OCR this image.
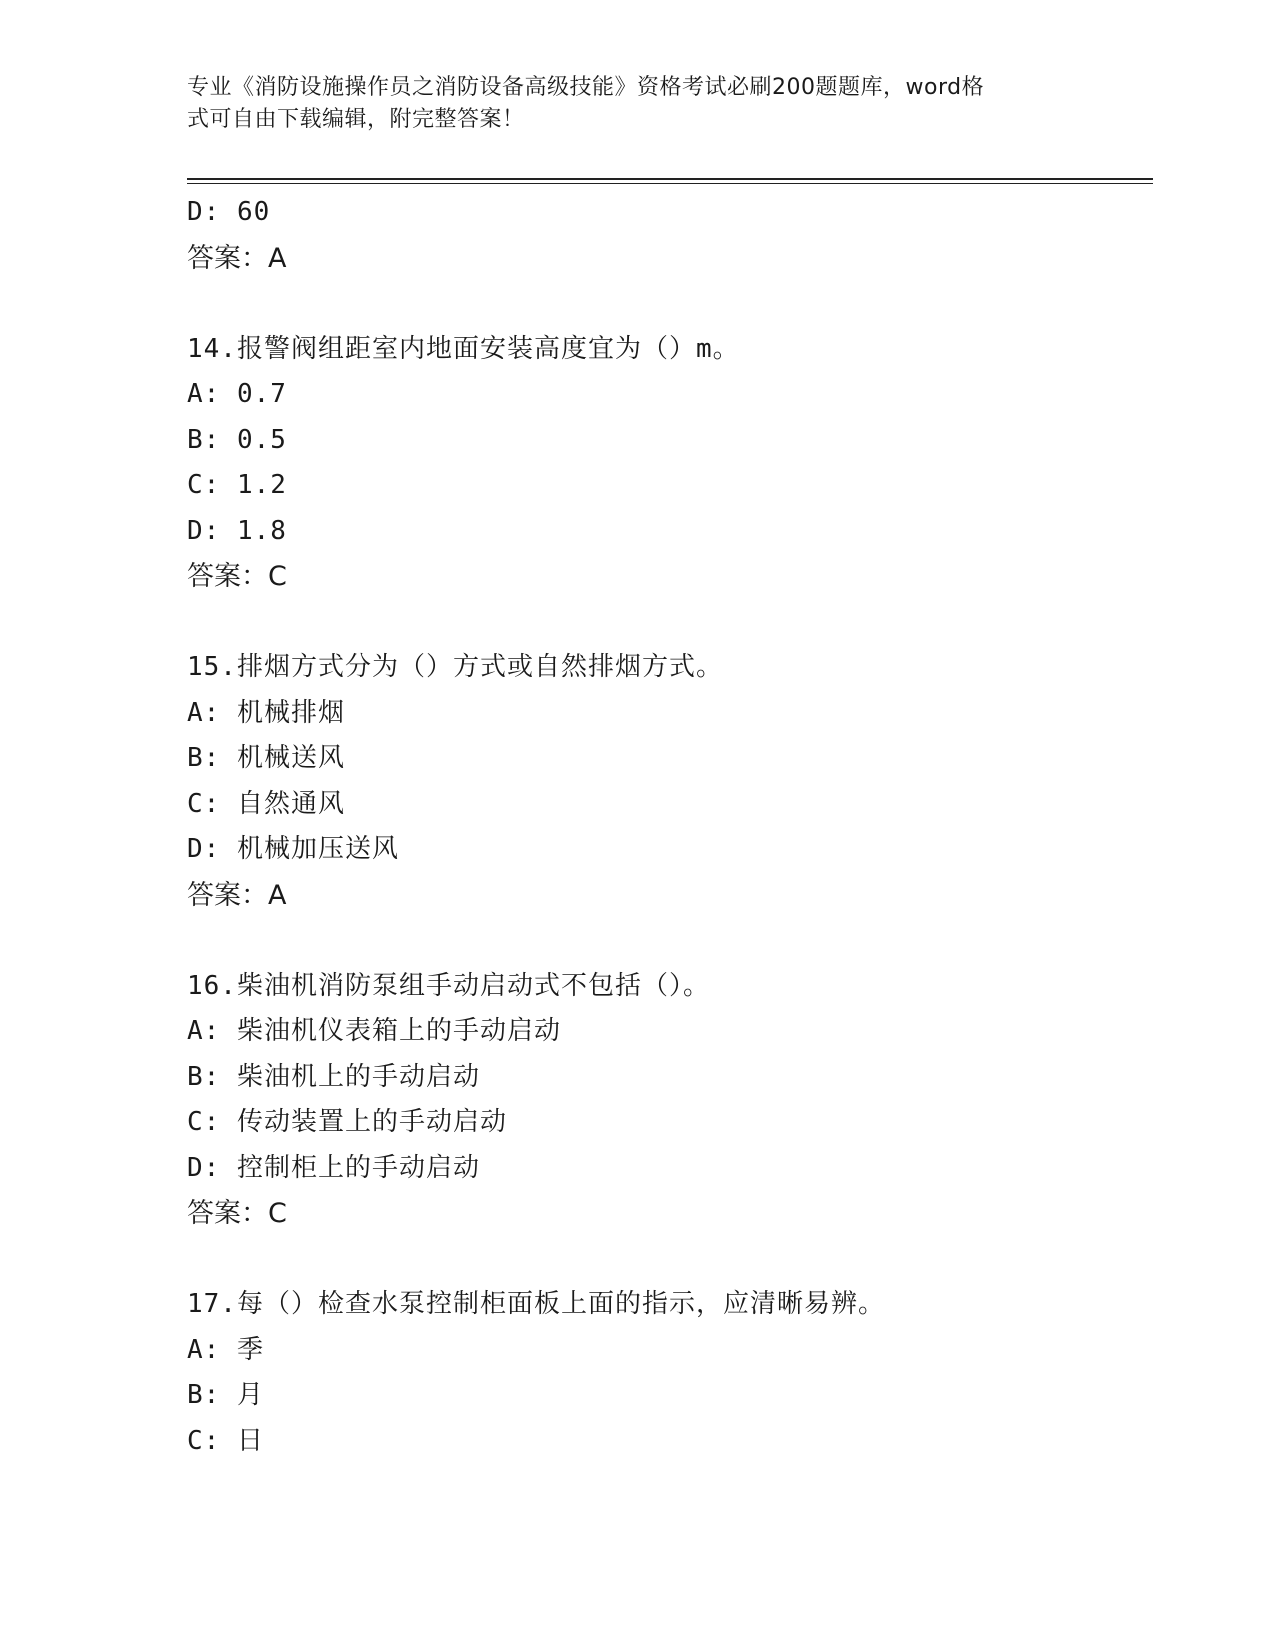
专业《消防设施操作员之消防设备高级技能》资格考试必刷200题题库，word格
式可自由下载编辑，附完整答案！
D: 60
答案：A
14.报警阀组距室内地面安装高度宜为（）m。
A: 0.7
B: 0.5
C: 1.2
D: 1.8
答案：C
15.排烟方式分为（）方式或自然排烟方式。
A: 机械排烟
B: 机械送风
C: 自然通风
D: 机械加压送风
答案：A
16.柴油机消防泵组手动启动式不包括（）。
A: 柴油机仪表箱上的手动启动
B: 柴油机上的手动启动
C: 传动装置上的手动启动
D: 控制柜上的手动启动
答案：C
17.每（）检查水泵控制柜面板上面的指示，应清晰易辨。
A: 季
B: 月
C: 日
